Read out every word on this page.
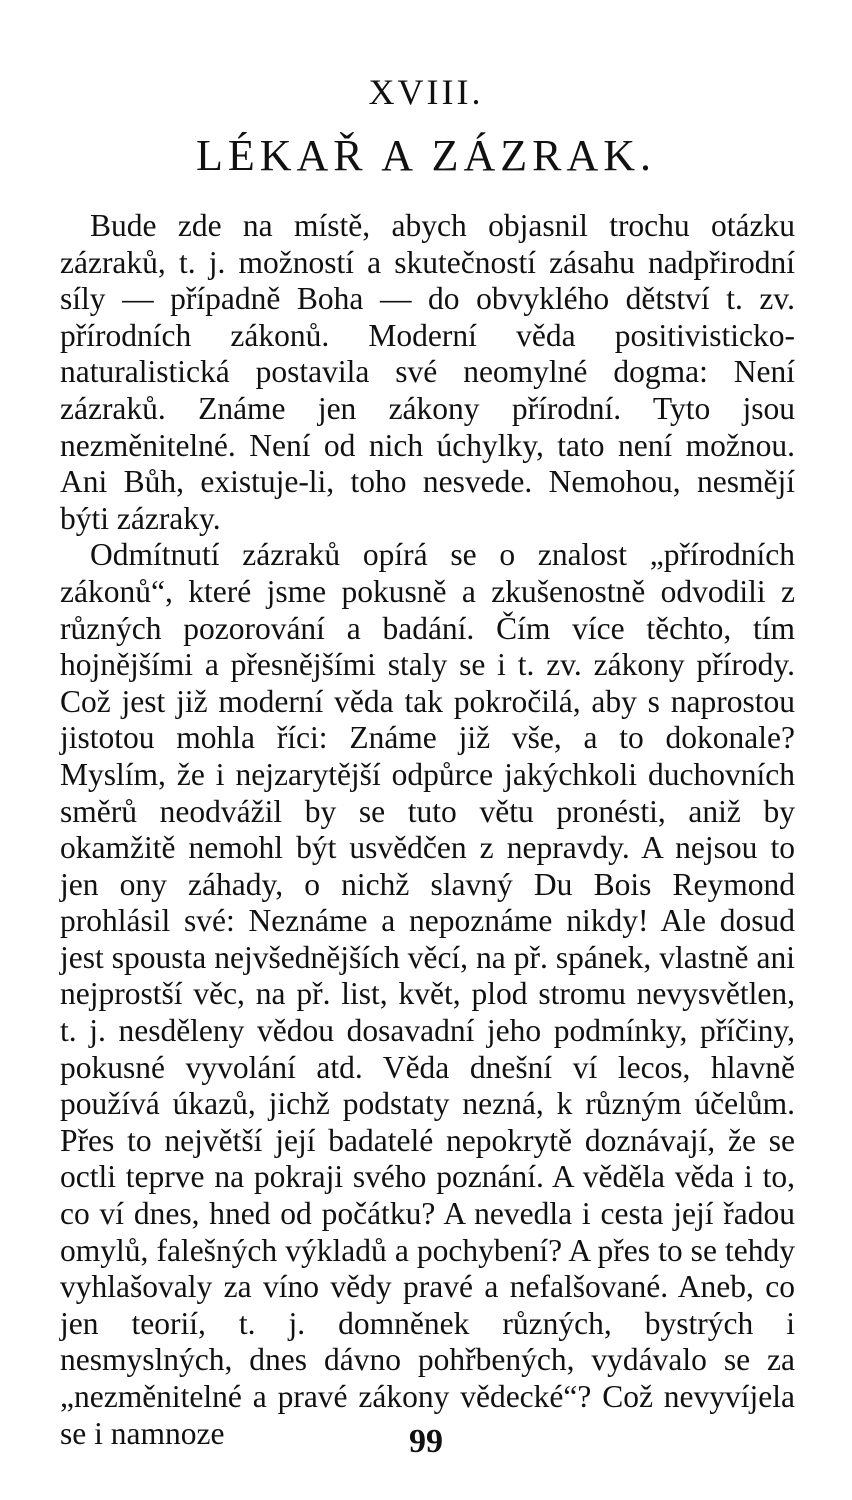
XVIII.
LÉKAŘ A ZÁZRAK.

Bude zde na místě, abych objasnil trochu otázku zázraků, t. j. možností a skutečností zásahu nadpřirodní síly — případně Boha — do obvyklého dětství t. zv. přírodních zákonů. Moderní věda positivisticko-naturalistická postavila své neomylné dogma: Není zázraků. Známe jen zákony přírodní. Tyto jsou nezměnitelné. Není od nich úchylky, tato není možnou. Ani Bůh, existuje-li, toho nesvede. Nemohou, nesmějí býti zázraky.

Odmítnutí zázraků opírá se o znalost „přírodních zákonů“, které jsme pokusně a zkušenostně odvodili z různých pozorování a badání. Čím více těchto, tím hojnějšími a přesnějšími staly se i t. zv. zákony přírody. Což jest již moderní věda tak pokročilá, aby s naprostou jistotou mohla říci: Známe již vše, a to dokonale? Myslím, že i nejzarytější odpůrce jakýchkoli duchovních směrů neodvážil by se tuto větu pronésti, aniž by okamžitě nemohl být usvědčen z nepravdy. A nejsou to jen ony záhady, o nichž slavný Du Bois Reymond prohlásil své: Neznáme a nepoznáme nikdy! Ale dosud jest spousta nejvšednějších věcí, na př. spánek, vlastně ani nejprostší věc, na př. list, květ, plod stromu nevysvětlen, t. j. nesděleny vědou dosavadní jeho podmínky, příčiny, pokusné vyvolání atd. Věda dnešní ví lecos, hlavně používá úkazů, jichž podstaty nezná, k různým účelům. Přes to největší její badatelé nepokrytě doznávají, že se octli teprve na pokraji svého poznání. A věděla věda i to, co ví dnes, hned od počátku? A nevedla i cesta její řadou omylů, falešných výkladů a pochybení? A přes to se tehdy vyhlašovaly za víno vědy pravé a nefalšované. Aneb, co jen teorií, t. j. domněnek různých, bystrých i nesmyslných, dnes dávno pohřbených, vydávalo se za „nezměnitelné a pravé zákony vědecké“? Což nevyvíjela se i namnoze	99
